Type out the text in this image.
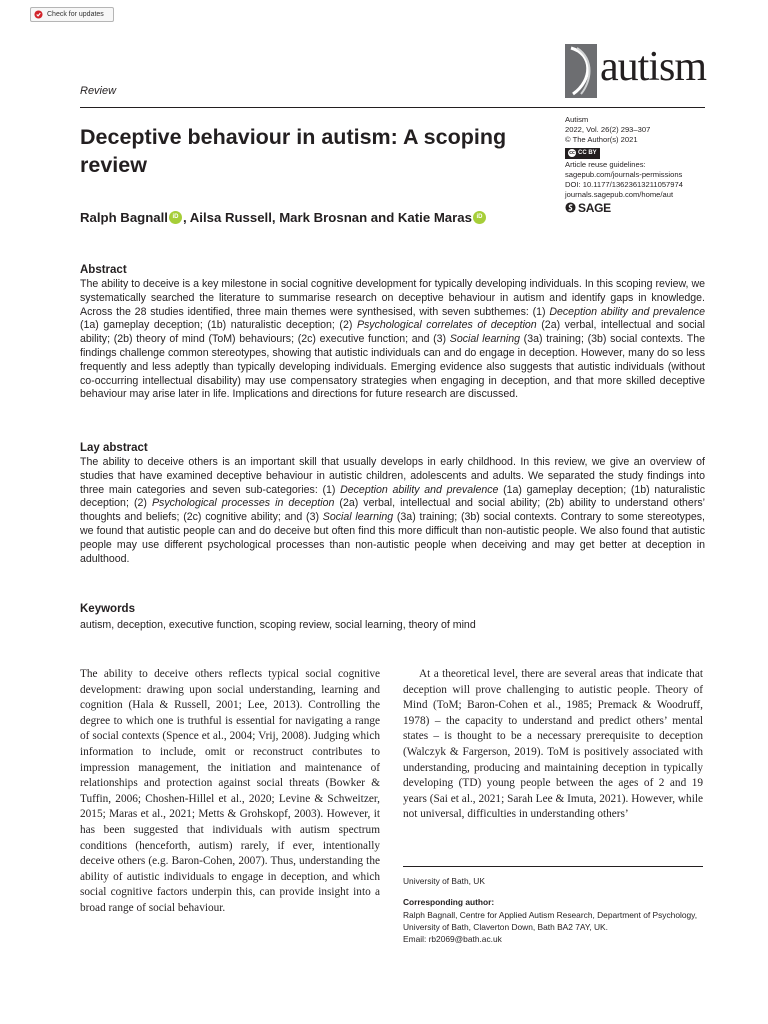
Check for updates
Review
autism
Deceptive behaviour in autism: A scoping review
Autism
2022, Vol. 26(2) 293–307
© The Author(s) 2021
cc CC BY
Article reuse guidelines:
sagepub.com/journals-permissions
DOI: 10.1177/13623613211057974
journals.sagepub.com/home/aut
SAGE
Ralph Bagnall iD , Ailsa Russell, Mark Brosnan and Katie Maras iD
Abstract
The ability to deceive is a key milestone in social cognitive development for typically developing individuals. In this scoping review, we systematically searched the literature to summarise research on deceptive behaviour in autism and identify gaps in knowledge. Across the 28 studies identified, three main themes were synthesised, with seven subthemes: (1) Deception ability and prevalence (1a) gameplay deception; (1b) naturalistic deception; (2) Psychological correlates of deception (2a) verbal, intellectual and social ability; (2b) theory of mind (ToM) behaviours; (2c) executive function; and (3) Social learning (3a) training; (3b) social contexts. The findings challenge common stereotypes, showing that autistic individuals can and do engage in deception. However, many do so less frequently and less adeptly than typically developing individuals. Emerging evidence also suggests that autistic individuals (without co-occurring intellectual disability) may use compensatory strategies when engaging in deception, and that more skilled deceptive behaviour may arise later in life. Implications and directions for future research are discussed.
Lay abstract
The ability to deceive others is an important skill that usually develops in early childhood. In this review, we give an overview of studies that have examined deceptive behaviour in autistic children, adolescents and adults. We separated the study findings into three main categories and seven sub-categories: (1) Deception ability and prevalence (1a) gameplay deception; (1b) naturalistic deception; (2) Psychological processes in deception (2a) verbal, intellectual and social ability; (2b) ability to understand others’ thoughts and beliefs; (2c) cognitive ability; and (3) Social learning (3a) training; (3b) social contexts. Contrary to some stereotypes, we found that autistic people can and do deceive but often find this more difficult than non-autistic people. We also found that autistic people may use different psychological processes than non-autistic people when deceiving and may get better at deception in adulthood.
Keywords
autism, deception, executive function, scoping review, social learning, theory of mind
The ability to deceive others reflects typical social cognitive development: drawing upon social understanding, learning and cognition (Hala & Russell, 2001; Lee, 2013). Controlling the degree to which one is truthful is essential for navigating a range of social contexts (Spence et al., 2004; Vrij, 2008). Judging which information to include, omit or reconstruct contributes to impression management, the initiation and maintenance of relationships and protection against social threats (Bowker & Tuffin, 2006; Choshen-Hillel et al., 2020; Levine & Schweitzer, 2015; Maras et al., 2021; Metts & Grohskopf, 2003). However, it has been suggested that individuals with autism spectrum conditions (henceforth, autism) rarely, if ever, intentionally deceive others (e.g. Baron-Cohen, 2007). Thus, understanding the ability of autistic individuals to engage in deception, and which social cognitive factors underpin this, can provide insight into a broad range of social behaviour.
At a theoretical level, there are several areas that indicate that deception will prove challenging to autistic people. Theory of Mind (ToM; Baron-Cohen et al., 1985; Premack & Woodruff, 1978) – the capacity to understand and predict others’ mental states – is thought to be a necessary prerequisite to deception (Walczyk & Fargerson, 2019). ToM is positively associated with understanding, producing and maintaining deception in typically developing (TD) young people between the ages of 2 and 19 years (Sai et al., 2021; Sarah Lee & Imuta, 2021). However, while not universal, difficulties in understanding others’
University of Bath, UK
Corresponding author:
Ralph Bagnall, Centre for Applied Autism Research, Department of Psychology, University of Bath, Claverton Down, Bath BA2 7AY, UK.
Email: rb2069@bath.ac.uk
